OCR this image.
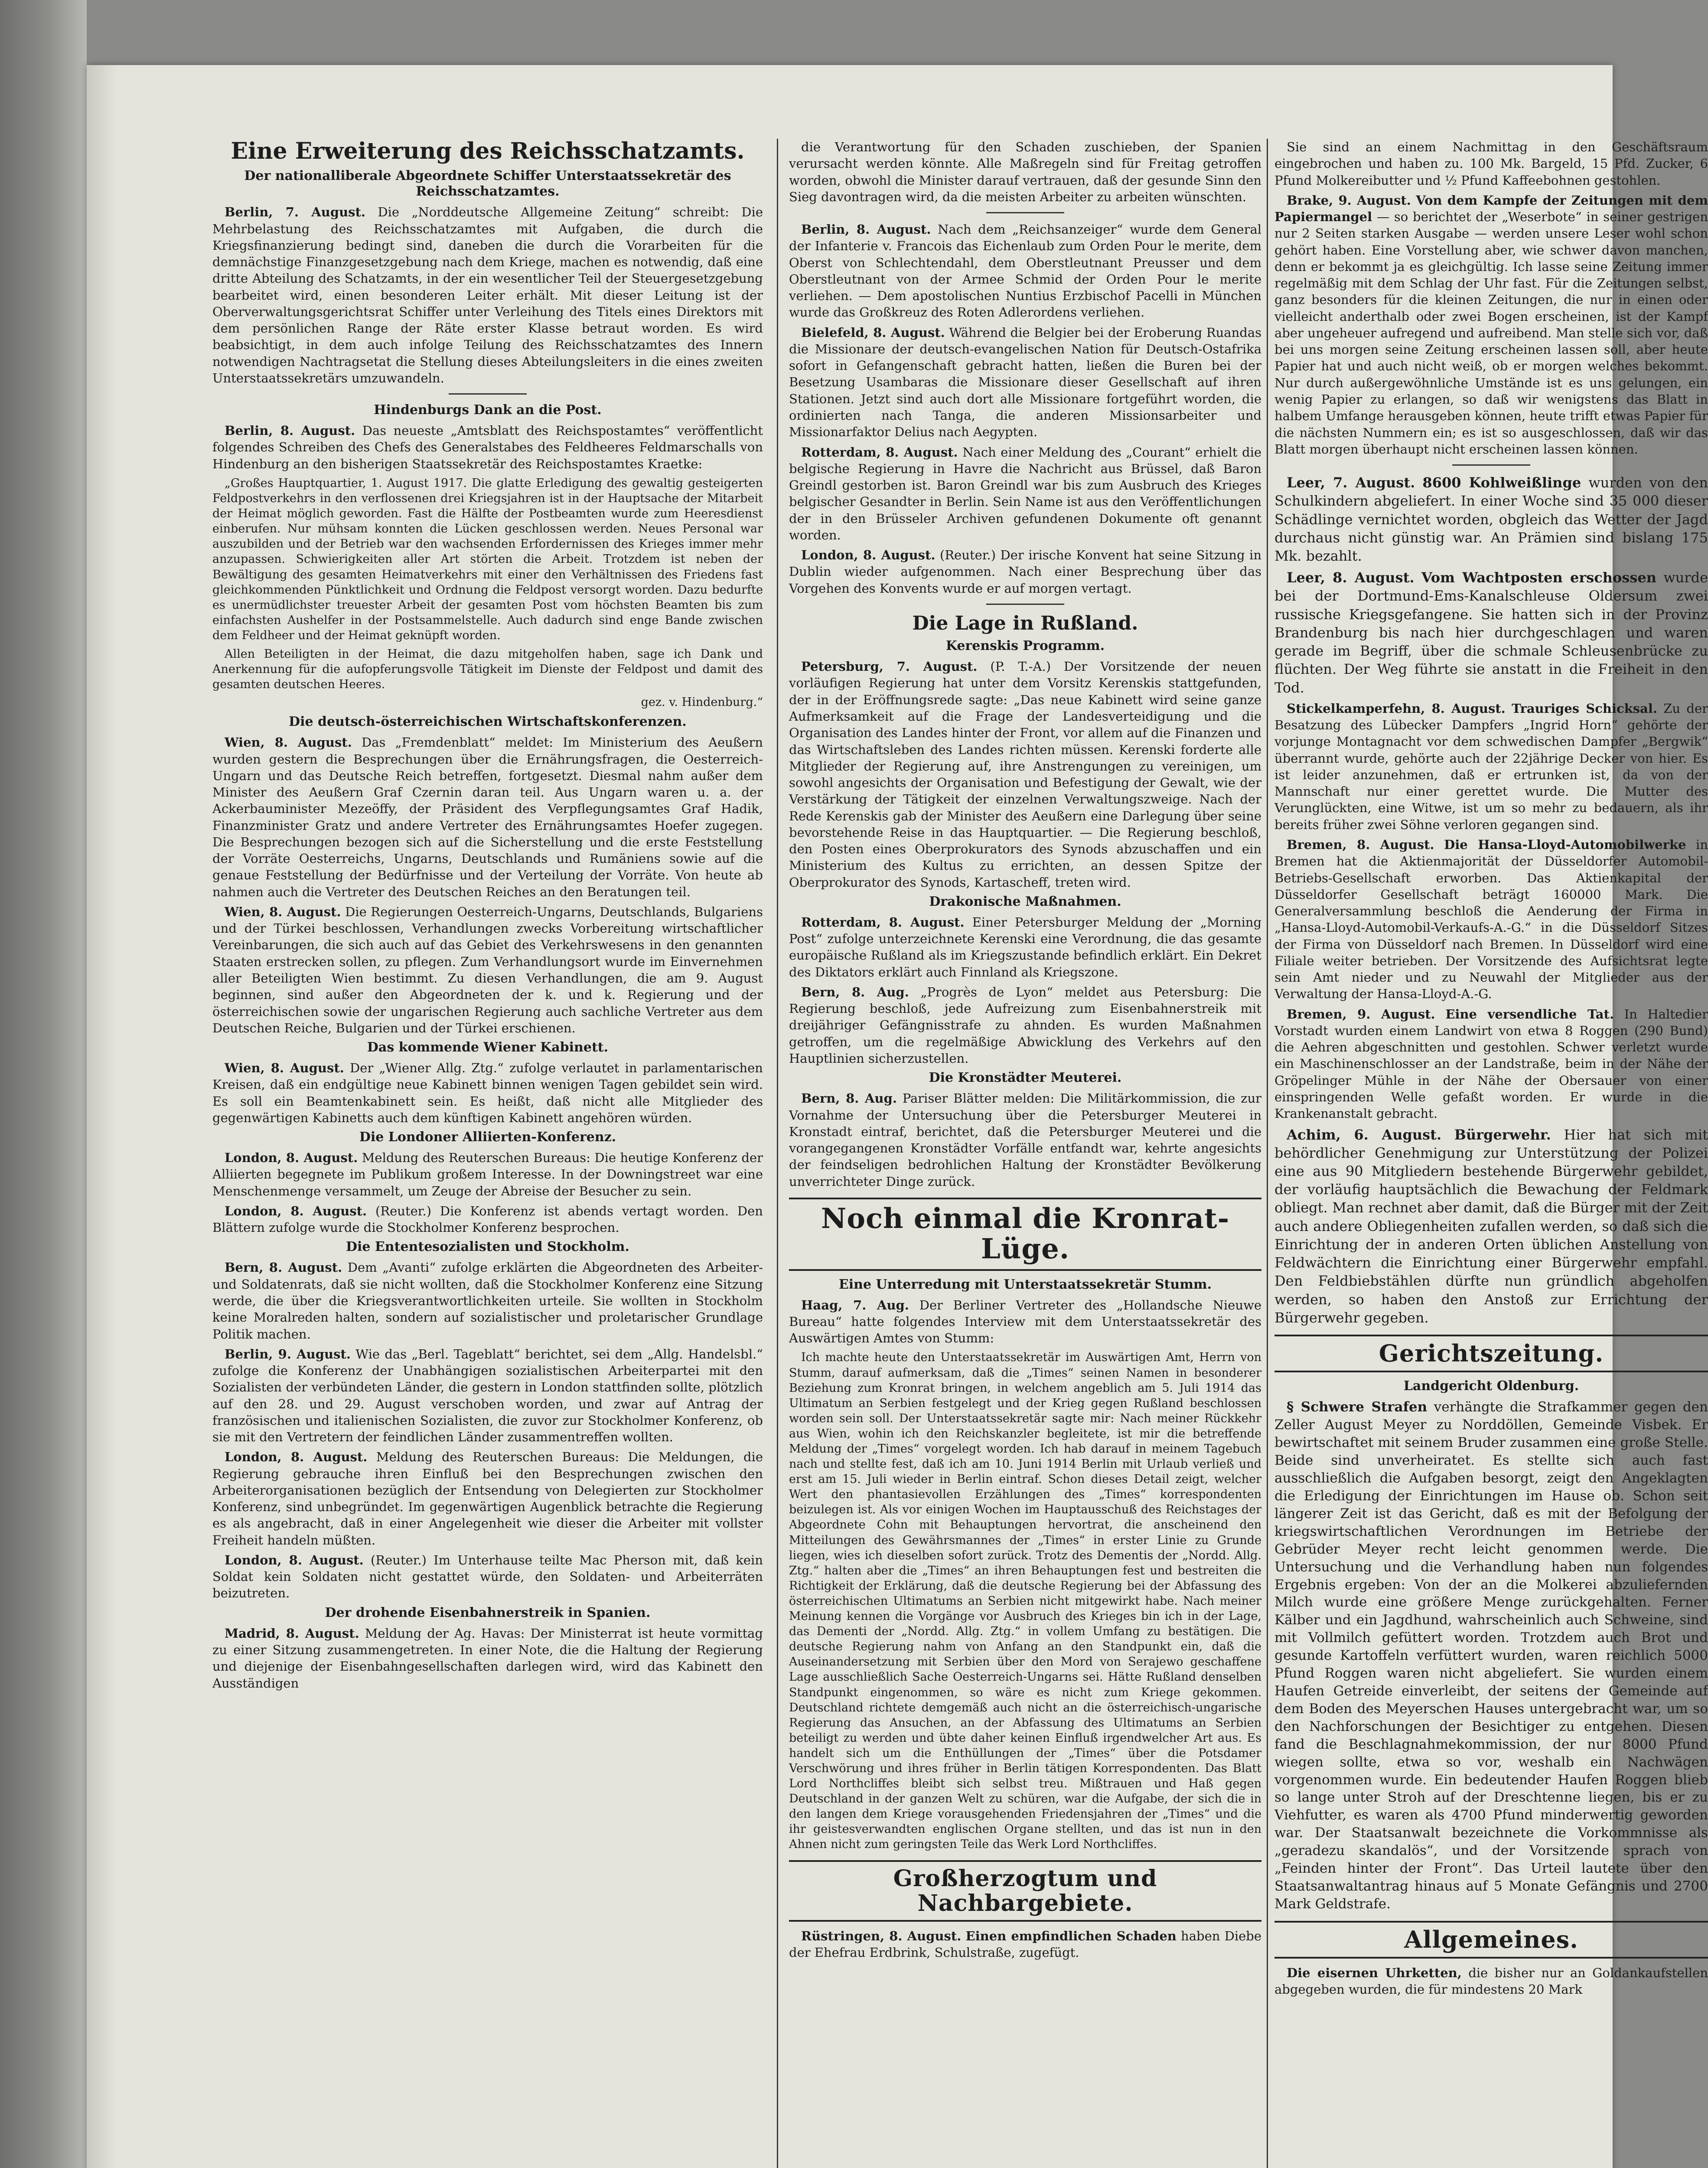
Eine Erweiterung des Reichsschatzamts.
Der nationalliberale Abgeordnete Schiffer Unterstaatssekretär des Reichsschatzamtes.

Berlin, 7. August. Die „Norddeutsche Allgemeine Zeitung“ schreibt: Die Mehrbelastung des Reichsschatzamtes mit Aufgaben, die durch die Kriegsfinanzierung bedingt sind, daneben die durch die Vorarbeiten für die demnächstige Finanzgesetzgebung nach dem Kriege, machen es notwendig, daß eine dritte Abteilung des Schatzamts, in der ein wesentlicher Teil der Steuergesetzgebung bearbeitet wird, einen besonderen Leiter erhält. Mit dieser Leitung ist der Oberverwaltungsgerichtsrat Schiffer unter Verleihung des Titels eines Direktors mit dem persönlichen Range der Räte erster Klasse betraut worden. Es wird beabsichtigt, in dem auch infolge Teilung des Reichsschatzamtes des Innern notwendigen Nachtragsetat die Stellung dieses Abteilungsleiters in die eines zweiten Unterstaatssekretärs umzuwandeln.

Hindenburgs Dank an die Post.

Berlin, 8. August. Das neueste „Amtsblatt des Reichspostamtes“ veröffentlicht folgendes Schreiben des Chefs des Generalstabes des Feldheeres Feldmarschalls von Hindenburg an den bisherigen Staatssekretär des Reichspostamtes Kraetke:

„Großes Hauptquartier, 1. August 1917. Die glatte Erledigung des gewaltig gesteigerten Feldpostverkehrs in den verflossenen drei Kriegsjahren ist in der Hauptsache der Mitarbeit der Heimat möglich geworden. Fast die Hälfte der Postbeamten wurde zum Heeresdienst einberufen. Nur mühsam konnten die Lücken geschlossen werden. Neues Personal war auszubilden und der Betrieb war den wachsenden Erfordernissen des Krieges immer mehr anzupassen. Schwierigkeiten aller Art störten die Arbeit. Trotzdem ist neben der Bewältigung des gesamten Heimatverkehrs mit einer den Verhältnissen des Friedens fast gleichkommenden Pünktlichkeit und Ordnung die Feldpost versorgt worden. Dazu bedurfte es unermüdlichster treuester Arbeit der gesamten Post vom höchsten Beamten bis zum einfachsten Aushelfer in der Postsammelstelle. Auch dadurch sind enge Bande zwischen dem Feldheer und der Heimat geknüpft worden.

Allen Beteiligten in der Heimat, die dazu mitgeholfen haben, sage ich Dank und Anerkennung für die aufopferungsvolle Tätigkeit im Dienste der Feldpost und damit des gesamten deutschen Heeres.

gez. v. Hindenburg.“
Die deutsch-österreichischen Wirtschaftskonferenzen.

Wien, 8. August. Das „Fremdenblatt“ meldet: Im Ministerium des Aeußern wurden gestern die Besprechungen über die Ernährungsfragen, die Oesterreich-Ungarn und das Deutsche Reich betreffen, fortgesetzt. Diesmal nahm außer dem Minister des Aeußern Graf Czernin daran teil. Aus Ungarn waren u. a. der Ackerbauminister Mezeöffy, der Präsident des Verpflegungsamtes Graf Hadik, Finanzminister Gratz und andere Vertreter des Ernährungsamtes Hoefer zugegen. Die Besprechungen bezogen sich auf die Sicherstellung und die erste Feststellung der Vorräte Oesterreichs, Ungarns, Deutschlands und Rumäniens sowie auf die genaue Feststellung der Bedürfnisse und der Verteilung der Vorräte. Von heute ab nahmen auch die Vertreter des Deutschen Reiches an den Beratungen teil.

Wien, 8. August. Die Regierungen Oesterreich-Ungarns, Deutschlands, Bulgariens und der Türkei beschlossen, Verhandlungen zwecks Vorbereitung wirtschaftlicher Vereinbarungen, die sich auch auf das Gebiet des Verkehrswesens in den genannten Staaten erstrecken sollen, zu pflegen. Zum Verhandlungsort wurde im Einvernehmen aller Beteiligten Wien bestimmt. Zu diesen Verhandlungen, die am 9. August beginnen, sind außer den Abgeordneten der k. und k. Regierung und der österreichischen sowie der ungarischen Regierung auch sachliche Vertreter aus dem Deutschen Reiche, Bulgarien und der Türkei erschienen.

Das kommende Wiener Kabinett.

Wien, 8. August. Der „Wiener Allg. Ztg.“ zufolge verlautet in parlamentarischen Kreisen, daß ein endgültige neue Kabinett binnen wenigen Tagen gebildet sein wird. Es soll ein Beamtenkabinett sein. Es heißt, daß nicht alle Mitglieder des gegenwärtigen Kabinetts auch dem künftigen Kabinett angehören würden.

Die Londoner Alliierten-Konferenz.

London, 8. August. Meldung des Reuterschen Bureaus: Die heutige Konferenz der Alliierten begegnete im Publikum großem Interesse. In der Downingstreet war eine Menschenmenge versammelt, um Zeuge der Abreise der Besucher zu sein.

London, 8. August. (Reuter.) Die Konferenz ist abends vertagt worden. Den Blättern zufolge wurde die Stockholmer Konferenz besprochen.

Die Ententesozialisten und Stockholm.

Bern, 8. August. Dem „Avanti“ zufolge erklärten die Abgeordneten des Arbeiter- und Soldatenrats, daß sie nicht wollten, daß die Stockholmer Konferenz eine Sitzung werde, die über die Kriegsverantwortlichkeiten urteile. Sie wollten in Stockholm keine Moralreden halten, sondern auf sozialistischer und proletarischer Grundlage Politik machen.

Berlin, 9. August. Wie das „Berl. Tageblatt“ berichtet, sei dem „Allg. Handelsbl.“ zufolge die Konferenz der Unabhängigen sozialistischen Arbeiterpartei mit den Sozialisten der verbündeten Länder, die gestern in London stattfinden sollte, plötzlich auf den 28. und 29. August verschoben worden, und zwar auf Antrag der französischen und italienischen Sozialisten, die zuvor zur Stockholmer Konferenz, ob sie mit den Vertretern der feindlichen Länder zusammentreffen wollten.

London, 8. August. Meldung des Reuterschen Bureaus: Die Meldungen, die Regierung gebrauche ihren Einfluß bei den Besprechungen zwischen den Arbeiterorganisationen bezüglich der Entsendung von Delegierten zur Stockholmer Konferenz, sind unbegründet. Im gegenwärtigen Augenblick betrachte die Regierung es als angebracht, daß in einer Angelegenheit wie dieser die Arbeiter mit vollster Freiheit handeln müßten.

London, 8. August. (Reuter.) Im Unterhause teilte Mac Pherson mit, daß kein Soldat kein Soldaten nicht gestattet würde, den Soldaten- und Arbeiterräten beizutreten.

Der drohende Eisenbahnerstreik in Spanien.

Madrid, 8. August. Meldung der Ag. Havas: Der Ministerrat ist heute vormittag zu einer Sitzung zusammengetreten. In einer Note, die die Haltung der Regierung und diejenige der Eisenbahngesellschaften darlegen wird, wird das Kabinett den Ausständigen

die Verantwortung für den Schaden zuschieben, der Spanien verursacht werden könnte. Alle Maßregeln sind für Freitag getroffen worden, obwohl die Minister darauf vertrauen, daß der gesunde Sinn den Sieg davontragen wird, da die meisten Arbeiter zu arbeiten wünschten.

Berlin, 8. August. Nach dem „Reichsanzeiger“ wurde dem General der Infanterie v. Francois das Eichenlaub zum Orden Pour le merite, dem Oberst von Schlechtendahl, dem Oberstleutnant Preusser und dem Oberstleutnant von der Armee Schmid der Orden Pour le merite verliehen. — Dem apostolischen Nuntius Erzbischof Pacelli in München wurde das Großkreuz des Roten Adlerordens verliehen.

Bielefeld, 8. August. Während die Belgier bei der Eroberung Ruandas die Missionare der deutsch-evangelischen Nation für Deutsch-Ostafrika sofort in Gefangenschaft gebracht hatten, ließen die Buren bei der Besetzung Usambaras die Missionare dieser Gesellschaft auf ihren Stationen. Jetzt sind auch dort alle Missionare fortgeführt worden, die ordinierten nach Tanga, die anderen Missionsarbeiter und Missionarfaktor Delius nach Aegypten.

Rotterdam, 8. August. Nach einer Meldung des „Courant“ erhielt die belgische Regierung in Havre die Nachricht aus Brüssel, daß Baron Greindl gestorben ist. Baron Greindl war bis zum Ausbruch des Krieges belgischer Gesandter in Berlin. Sein Name ist aus den Veröffentlichungen der in den Brüsseler Archiven gefundenen Dokumente oft genannt worden.

London, 8. August. (Reuter.) Der irische Konvent hat seine Sitzung in Dublin wieder aufgenommen. Nach einer Besprechung über das Vorgehen des Konvents wurde er auf morgen vertagt.

Die Lage in Rußland.
Kerenskis Programm.

Petersburg, 7. August. (P. T.-A.) Der Vorsitzende der neuen vorläufigen Regierung hat unter dem Vorsitz Kerenskis stattgefunden, der in der Eröffnungsrede sagte: „Das neue Kabinett wird seine ganze Aufmerksamkeit auf die Frage der Landesverteidigung und die Organisation des Landes hinter der Front, vor allem auf die Finanzen und das Wirtschaftsleben des Landes richten müssen. Kerenski forderte alle Mitglieder der Regierung auf, ihre Anstrengungen zu vereinigen, um sowohl angesichts der Organisation und Befestigung der Gewalt, wie der Verstärkung der Tätigkeit der einzelnen Verwaltungszweige. Nach der Rede Kerenskis gab der Minister des Aeußern eine Darlegung über seine bevorstehende Reise in das Hauptquartier. — Die Regierung beschloß, den Posten eines Oberprokurators des Synods abzuschaffen und ein Ministerium des Kultus zu errichten, an dessen Spitze der Oberprokurator des Synods, Kartascheff, treten wird.

Drakonische Maßnahmen.

Rotterdam, 8. August. Einer Petersburger Meldung der „Morning Post“ zufolge unterzeichnete Kerenski eine Verordnung, die das gesamte europäische Rußland als im Kriegszustande befindlich erklärt. Ein Dekret des Diktators erklärt auch Finnland als Kriegszone.

Bern, 8. Aug. „Progrès de Lyon“ meldet aus Petersburg: Die Regierung beschloß, jede Aufreizung zum Eisenbahnerstreik mit dreijähriger Gefängnisstrafe zu ahnden. Es wurden Maßnahmen getroffen, um die regelmäßige Abwicklung des Verkehrs auf den Hauptlinien sicherzustellen.

Die Kronstädter Meuterei.

Bern, 8. Aug. Pariser Blätter melden: Die Militärkommission, die zur Vornahme der Untersuchung über die Petersburger Meuterei in Kronstadt eintraf, berichtet, daß die Petersburger Meuterei und die vorangegangenen Kronstädter Vorfälle entfandt war, kehrte angesichts der feindseligen bedrohlichen Haltung der Kronstädter Bevölkerung unverrichteter Dinge zurück.

Noch einmal die Kronrat-Lüge.
Eine Unterredung mit Unterstaatssekretär Stumm.

Haag, 7. Aug. Der Berliner Vertreter des „Hollandsche Nieuwe Bureau“ hatte folgendes Interview mit dem Unterstaatssekretär des Auswärtigen Amtes von Stumm:

Ich machte heute den Unterstaatssekretär im Auswärtigen Amt, Herrn von Stumm, darauf aufmerksam, daß die „Times“ seinen Namen in besonderer Beziehung zum Kronrat bringen, in welchem angeblich am 5. Juli 1914 das Ultimatum an Serbien festgelegt und der Krieg gegen Rußland beschlossen worden sein soll. Der Unterstaatssekretär sagte mir: Nach meiner Rückkehr aus Wien, wohin ich den Reichskanzler begleitete, ist mir die betreffende Meldung der „Times“ vorgelegt worden. Ich hab darauf in meinem Tagebuch nach und stellte fest, daß ich am 10. Juni 1914 Berlin mit Urlaub verließ und erst am 15. Juli wieder in Berlin eintraf. Schon dieses Detail zeigt, welcher Wert den phantasievollen Erzählungen des „Times“ korrespondenten beizulegen ist. Als vor einigen Wochen im Hauptausschuß des Reichstages der Abgeordnete Cohn mit Behauptungen hervortrat, die anscheinend den Mitteilungen des Gewährsmannes der „Times“ in erster Linie zu Grunde liegen, wies ich dieselben sofort zurück. Trotz des Dementis der „Nordd. Allg. Ztg.“ halten aber die „Times“ an ihren Behauptungen fest und bestreiten die Richtigkeit der Erklärung, daß die deutsche Regierung bei der Abfassung des österreichischen Ultimatums an Serbien nicht mitgewirkt habe. Nach meiner Meinung kennen die Vorgänge vor Ausbruch des Krieges bin ich in der Lage, das Dementi der „Nordd. Allg. Ztg.“ in vollem Umfang zu bestätigen. Die deutsche Regierung nahm von Anfang an den Standpunkt ein, daß die Auseinandersetzung mit Serbien über den Mord von Serajewo geschaffene Lage ausschließlich Sache Oesterreich-Ungarns sei. Hätte Rußland denselben Standpunkt eingenommen, so wäre es nicht zum Kriege gekommen. Deutschland richtete demgemäß auch nicht an die österreichisch-ungarische Regierung das Ansuchen, an der Abfassung des Ultimatums an Serbien beteiligt zu werden und übte daher keinen Einfluß irgendwelcher Art aus. Es handelt sich um die Enthüllungen der „Times“ über die Potsdamer Verschwörung und ihres früher in Berlin tätigen Korrespondenten. Das Blatt Lord Northcliffes bleibt sich selbst treu. Mißtrauen und Haß gegen Deutschland in der ganzen Welt zu schüren, war die Aufgabe, der sich die in den langen dem Kriege vorausgehenden Friedensjahren der „Times“ und die ihr geistesverwandten englischen Organe stellten, und das ist nun in den Ahnen nicht zum geringsten Teile das Werk Lord Northcliffes.

Großherzogtum und Nachbargebiete.

Rüstringen, 8. August. Einen empfindlichen Schaden haben Diebe der Ehefrau Erdbrink, Schulstraße, zugefügt.

Sie sind an einem Nachmittag in den Geschäftsraum eingebrochen und haben zu. 100 Mk. Bargeld, 15 Pfd. Zucker, 6 Pfund Molkereibutter und ½ Pfund Kaffeebohnen gestohlen.

Brake, 9. August. Von dem Kampfe der Zeitungen mit dem Papiermangel — so berichtet der „Weserbote“ in seiner gestrigen nur 2 Seiten starken Ausgabe — werden unsere Leser wohl schon gehört haben. Eine Vorstellung aber, wie schwer davon manchen, denn er bekommt ja es gleichgültig. Ich lasse seine Zeitung immer regelmäßig mit dem Schlag der Uhr fast. Für die Zeitungen selbst, ganz besonders für die kleinen Zeitungen, die nur in einen oder vielleicht anderthalb oder zwei Bogen erscheinen, ist der Kampf aber ungeheuer aufregend und aufreibend. Man stelle sich vor, daß bei uns morgen seine Zeitung erscheinen lassen soll, aber heute Papier hat und auch nicht weiß, ob er morgen welches bekommt. Nur durch außergewöhnliche Umstände ist es uns gelungen, ein wenig Papier zu erlangen, so daß wir wenigstens das Blatt in halbem Umfange herausgeben können, heute trifft etwas Papier für die nächsten Nummern ein; es ist so ausgeschlossen, daß wir das Blatt morgen überhaupt nicht erscheinen lassen können.

Leer, 7. August. 8600 Kohlweißlinge wurden von den Schulkindern abgeliefert. In einer Woche sind 35 000 dieser Schädlinge vernichtet worden, obgleich das Wetter der Jagd durchaus nicht günstig war. An Prämien sind bislang 175 Mk. bezahlt.

Leer, 8. August. Vom Wachtposten erschossen wurde bei der Dortmund-Ems-Kanalschleuse Oldersum zwei russische Kriegsgefangene. Sie hatten sich in der Provinz Brandenburg bis nach hier durchgeschlagen und waren gerade im Begriff, über die schmale Schleusenbrücke zu flüchten. Der Weg führte sie anstatt in die Freiheit in den Tod.

Stickelkamperfehn, 8. August. Trauriges Schicksal. Zu der Besatzung des Lübecker Dampfers „Ingrid Horn“ gehörte der vorjunge Montagnacht vor dem schwedischen Dampfer „Bergwik“ überrannt wurde, gehörte auch der 22jährige Decker von hier. Es ist leider anzunehmen, daß er ertrunken ist, da von der Mannschaft nur einer gerettet wurde. Die Mutter des Verunglückten, eine Witwe, ist um so mehr zu bedauern, als ihr bereits früher zwei Söhne verloren gegangen sind.

Bremen, 8. August. Die Hansa-Lloyd-Automobilwerke in Bremen hat die Aktienmajorität der Düsseldorfer Automobil-Betriebs-Gesellschaft erworben. Das Aktienkapital der Düsseldorfer Gesellschaft beträgt 160000 Mark. Die Generalversammlung beschloß die Aenderung der Firma in „Hansa-Lloyd-Automobil-Verkaufs-A.-G.“ in die Düsseldorf Sitzes der Firma von Düsseldorf nach Bremen. In Düsseldorf wird eine Filiale weiter betrieben. Der Vorsitzende des Aufsichtsrat legte sein Amt nieder und zu Neuwahl der Mitglieder aus der Verwaltung der Hansa-Lloyd-A.-G.

Bremen, 9. August. Eine versendliche Tat. In Haltedier Vorstadt wurden einem Landwirt von etwa 8 Roggen (290 Bund) die Aehren abgeschnitten und gestohlen. Schwer verletzt wurde ein Maschinenschlosser an der Landstraße, beim in der Nähe der Gröpelinger Mühle in der Nähe der Obersauer von einer einspringenden Welle gefaßt worden. Er wurde in die Krankenanstalt gebracht.

Achim, 6. August. Bürgerwehr. Hier hat sich mit behördlicher Genehmigung zur Unterstützung der Polizei eine aus 90 Mitgliedern bestehende Bürgerwehr gebildet, der vorläufig hauptsächlich die Bewachung der Feldmark obliegt. Man rechnet aber damit, daß die Bürger mit der Zeit auch andere Obliegenheiten zufallen werden, so daß sich die Einrichtung der in anderen Orten üblichen Anstellung von Feldwächtern die Einrichtung einer Bürgerwehr empfahl. Den Feldbiebstählen dürfte nun gründlich abgeholfen werden, so haben den Anstoß zur Errichtung der Bürgerwehr gegeben.

Gerichtszeitung.
Landgericht Oldenburg.

§ Schwere Strafen verhängte die Strafkammer gegen den Zeller August Meyer zu Norddöllen, Gemeinde Visbek. Er bewirtschaftet mit seinem Bruder zusammen eine große Stelle. Beide sind unverheiratet. Es stellte sich auch fast ausschließlich die Aufgaben besorgt, zeigt den Angeklagten die Erledigung der Einrichtungen im Hause ob. Schon seit längerer Zeit ist das Gericht, daß es mit der Befolgung der kriegswirtschaftlichen Verordnungen im Betriebe der Gebrüder Meyer recht leicht genommen werde. Die Untersuchung und die Verhandlung haben nun folgendes Ergebnis ergeben: Von der an die Molkerei abzuliefernden Milch wurde eine größere Menge zurückgehalten. Ferner Kälber und ein Jagdhund, wahrscheinlich auch Schweine, sind mit Vollmilch gefüttert worden. Trotzdem auch Brot und gesunde Kartoffeln verfüttert wurden, waren reichlich 5000 Pfund Roggen waren nicht abgeliefert. Sie wurden einem Haufen Getreide einverleibt, der seitens der Gemeinde auf dem Boden des Meyerschen Hauses untergebracht war, um so den Nachforschungen der Besichtiger zu entgehen. Diesen fand die Beschlagnahmekommission, der nur 8000 Pfund wiegen sollte, etwa so vor, weshalb ein Nachwägen vorgenommen wurde. Ein bedeutender Haufen Roggen blieb so lange unter Stroh auf der Dreschtenne liegen, bis er zu Viehfutter, es waren als 4700 Pfund minderwertig geworden war. Der Staatsanwalt bezeichnete die Vorkommnisse als „geradezu skandalös“, und der Vorsitzende sprach von „Feinden hinter der Front“. Das Urteil lautete über den Staatsanwaltantrag hinaus auf 5 Monate Gefängnis und 2700 Mark Geldstrafe.

Allgemeines.

Die eisernen Uhrketten, die bisher nur an Goldankaufstellen abgegeben wurden, die für mindestens 20 Mark
